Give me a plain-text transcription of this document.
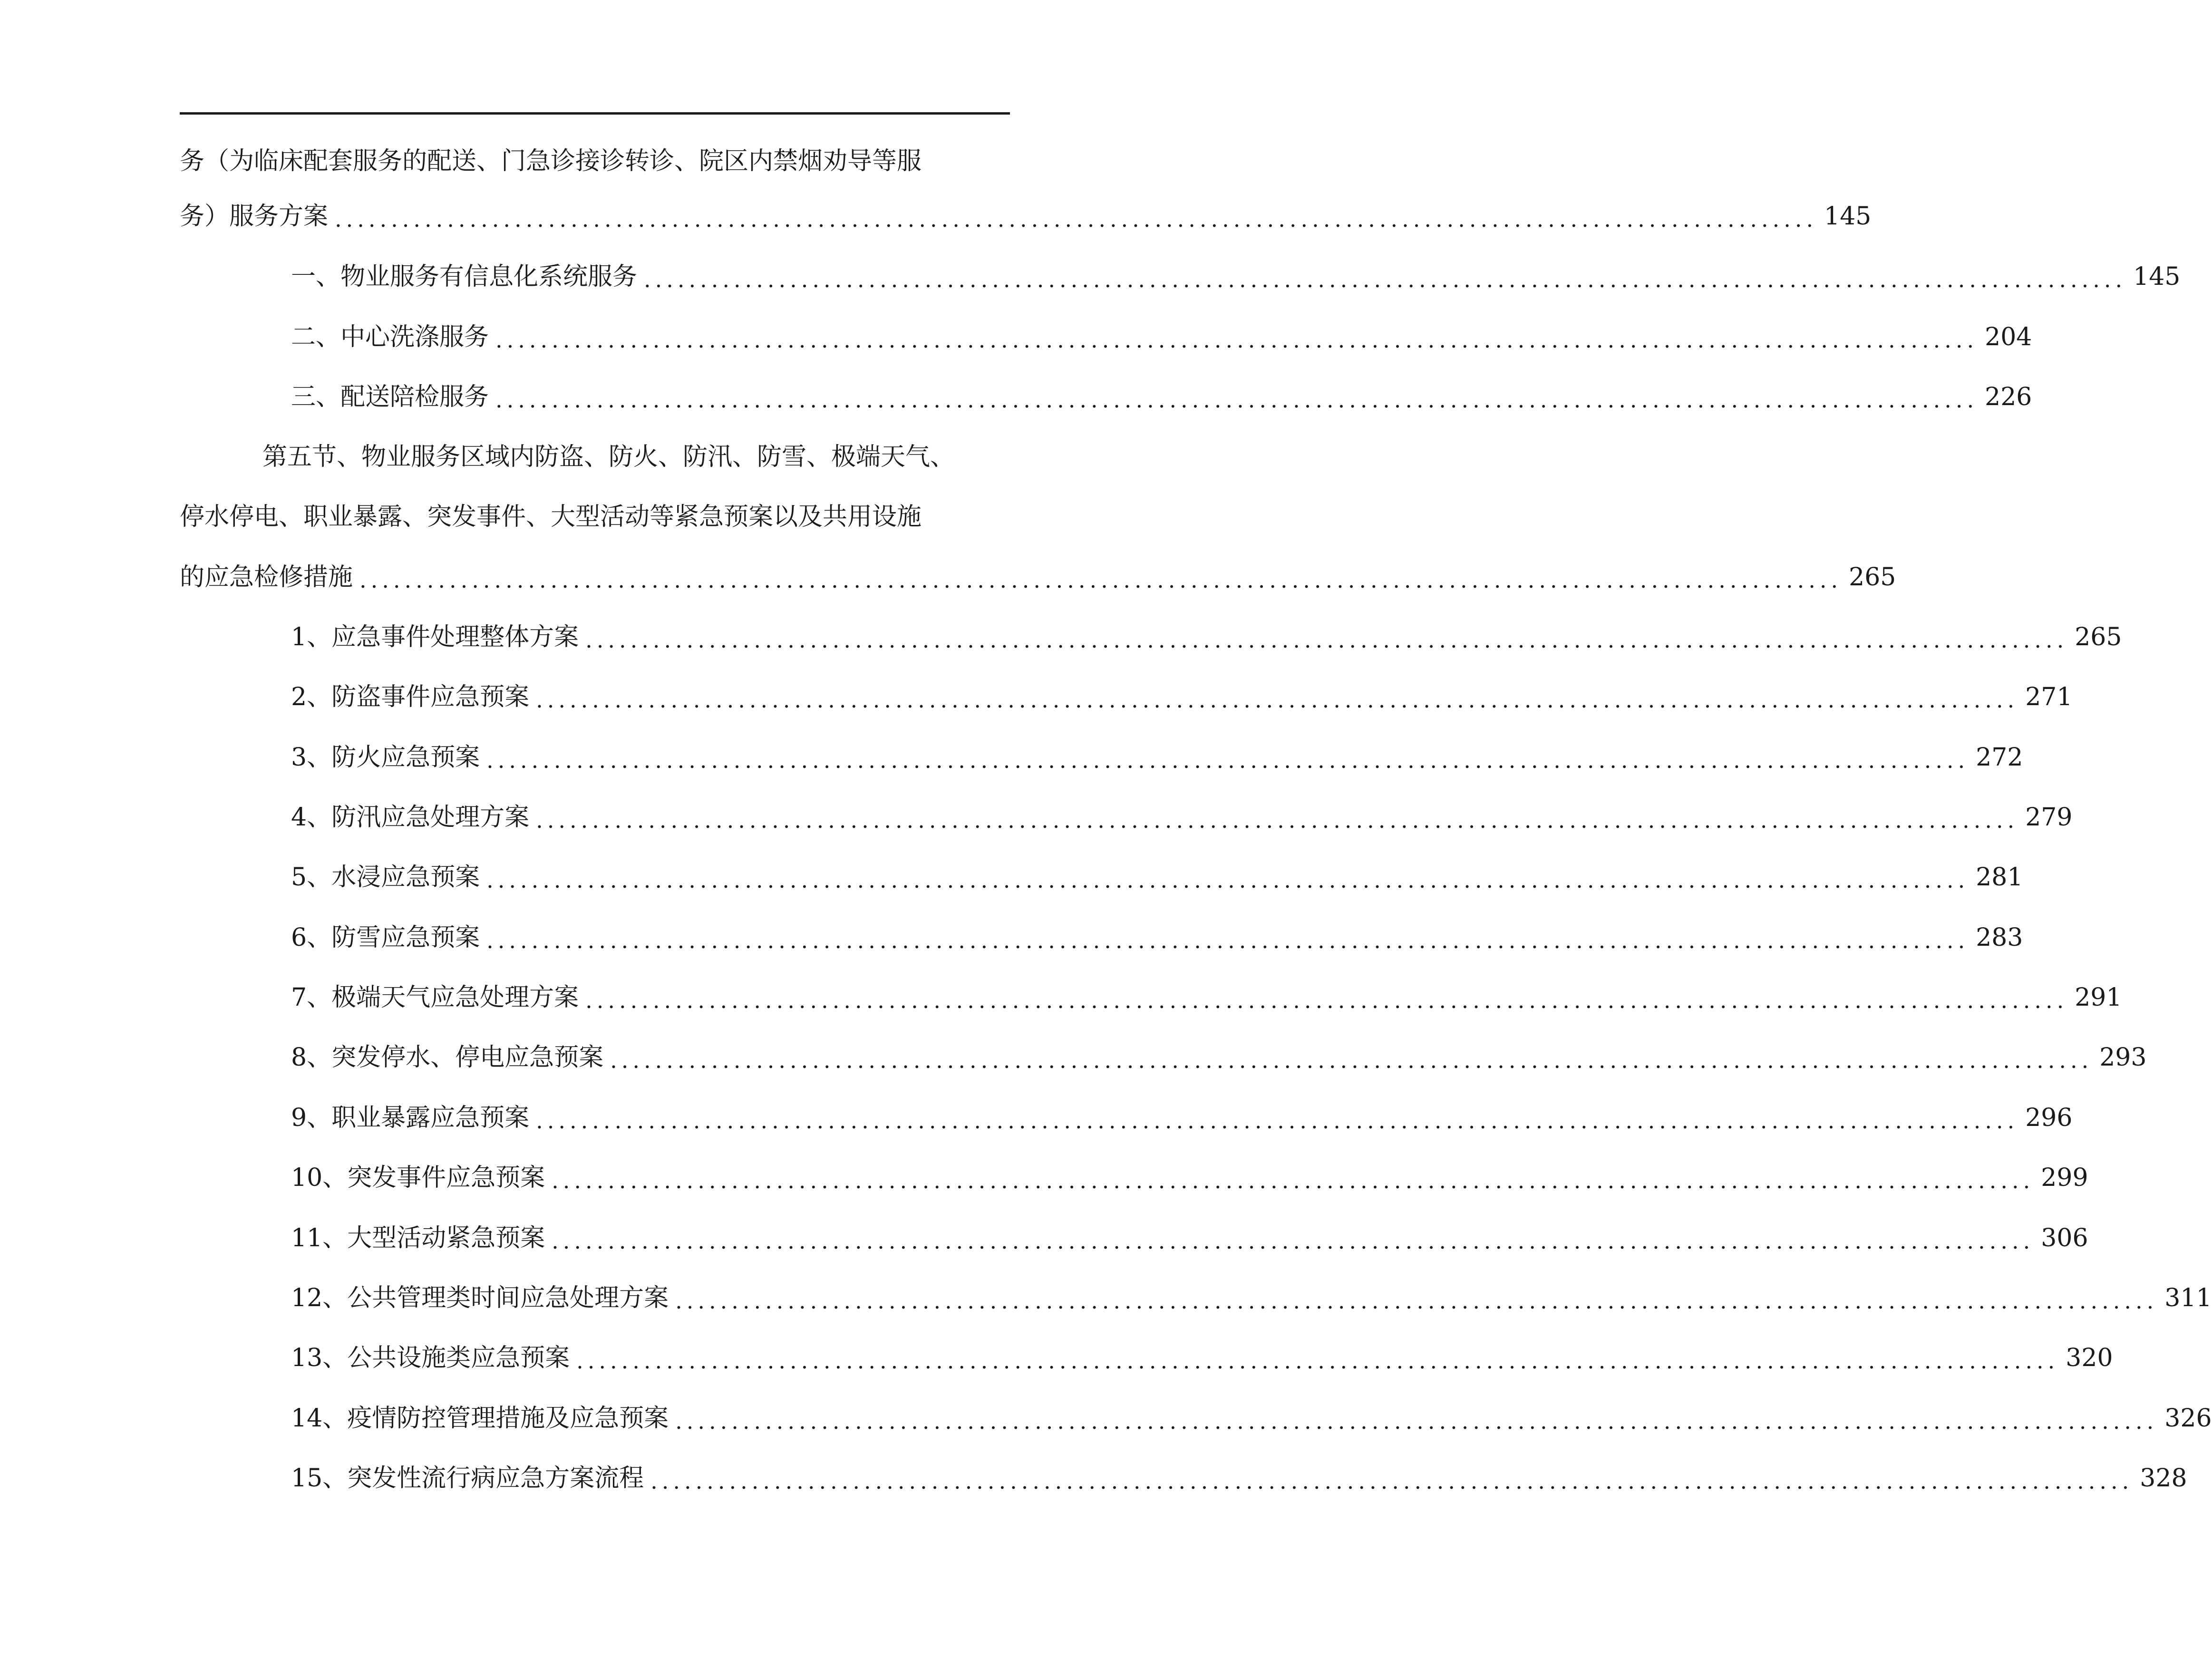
务（为临床配套服务的配送、门急诊接诊转诊、院区内禁烟劝导等服
务）服务方案 .................................................................................................................................... 145
一、物业服务有信息化系统服务 .................................................................................................................................... 145
二、中心洗涤服务 .................................................................................................................................... 204
三、配送陪检服务 .................................................................................................................................... 226
第五节、物业服务区域内防盗、防火、防汛、防雪、极端天气、
停水停电、职业暴露、突发事件、大型活动等紧急预案以及共用设施
的应急检修措施 .................................................................................................................................... 265
1、应急事件处理整体方案 .................................................................................................................................... 265
2、防盗事件应急预案 .................................................................................................................................... 271
3、防火应急预案 .................................................................................................................................... 272
4、防汛应急处理方案 .................................................................................................................................... 279
5、水浸应急预案 .................................................................................................................................... 281
6、防雪应急预案 .................................................................................................................................... 283
7、极端天气应急处理方案 .................................................................................................................................... 291
8、突发停水、停电应急预案 .................................................................................................................................... 293
9、职业暴露应急预案 .................................................................................................................................... 296
10、突发事件应急预案 .................................................................................................................................... 299
11、大型活动紧急预案 .................................................................................................................................... 306
12、公共管理类时间应急处理方案 .................................................................................................................................... 311
13、公共设施类应急预案 .................................................................................................................................... 320
14、疫情防控管理措施及应急预案 .................................................................................................................................... 326
15、突发性流行病应急方案流程 .................................................................................................................................... 328
